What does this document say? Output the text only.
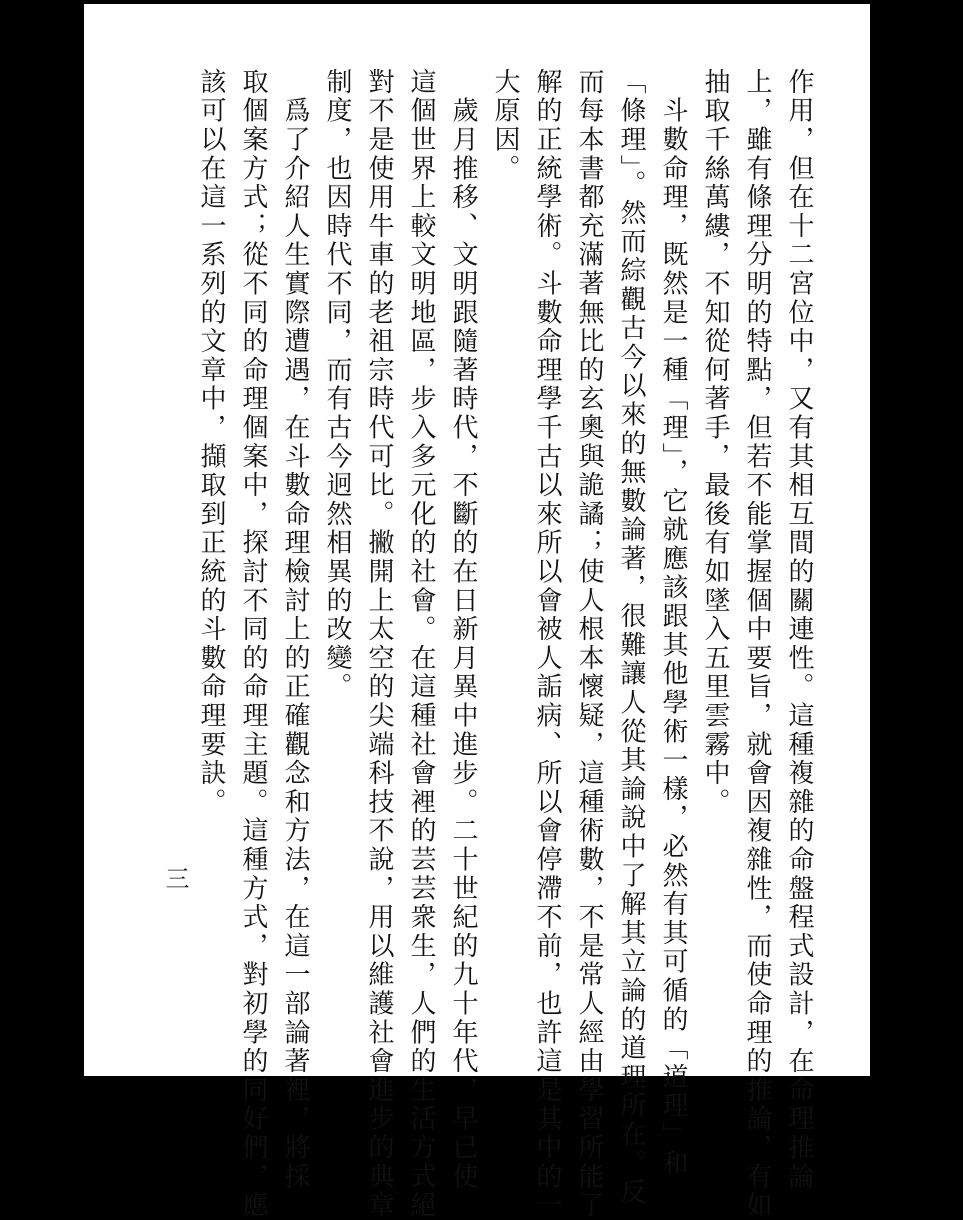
作用，但在十二宮位中，又有其相互間的關連性。這種複雜的命盤程式設計，在命理推論
上，雖有條理分明的特點，但若不能掌握個中要旨，就會因複雜性，而使命理的推論，有如
抽取千絲萬縷，不知從何著手，最後有如墜入五里雲霧中。
　斗數命理，既然是一種「理」，它就應該跟其他學術一樣，必然有其可循的「道理」和
「條理」。然而綜觀古今以來的無數論著，很難讓人從其論說中了解其立論的道理所在。反
而每本書都充滿著無比的玄奧與詭譎；使人根本懷疑，這種術數，不是常人經由學習所能了
解的正統學術。斗數命理學千古以來所以會被人詬病、所以會停滯不前，也許這是其中的一
大原因。
　歲月推移、文明跟隨著時代，不斷的在日新月異中進步。二十世紀的九十年代，早已使
這個世界上較文明地區，步入多元化的社會。在這種社會裡的芸芸衆生，人們的生活方式絕
對不是使用牛車的老祖宗時代可比。撇開上太空的尖端科技不說，用以維護社會進步的典章
制度，也因時代不同，而有古今迥然相異的改變。
　爲了介紹人生實際遭遇，在斗數命理檢討上的正確觀念和方法，在這一部論著裡，將採
取個案方式；從不同的命理個案中，探討不同的命理主題。這種方式，對初學的同好們，應
該可以在這一系列的文章中，擷取到正統的斗數命理要訣。
三
